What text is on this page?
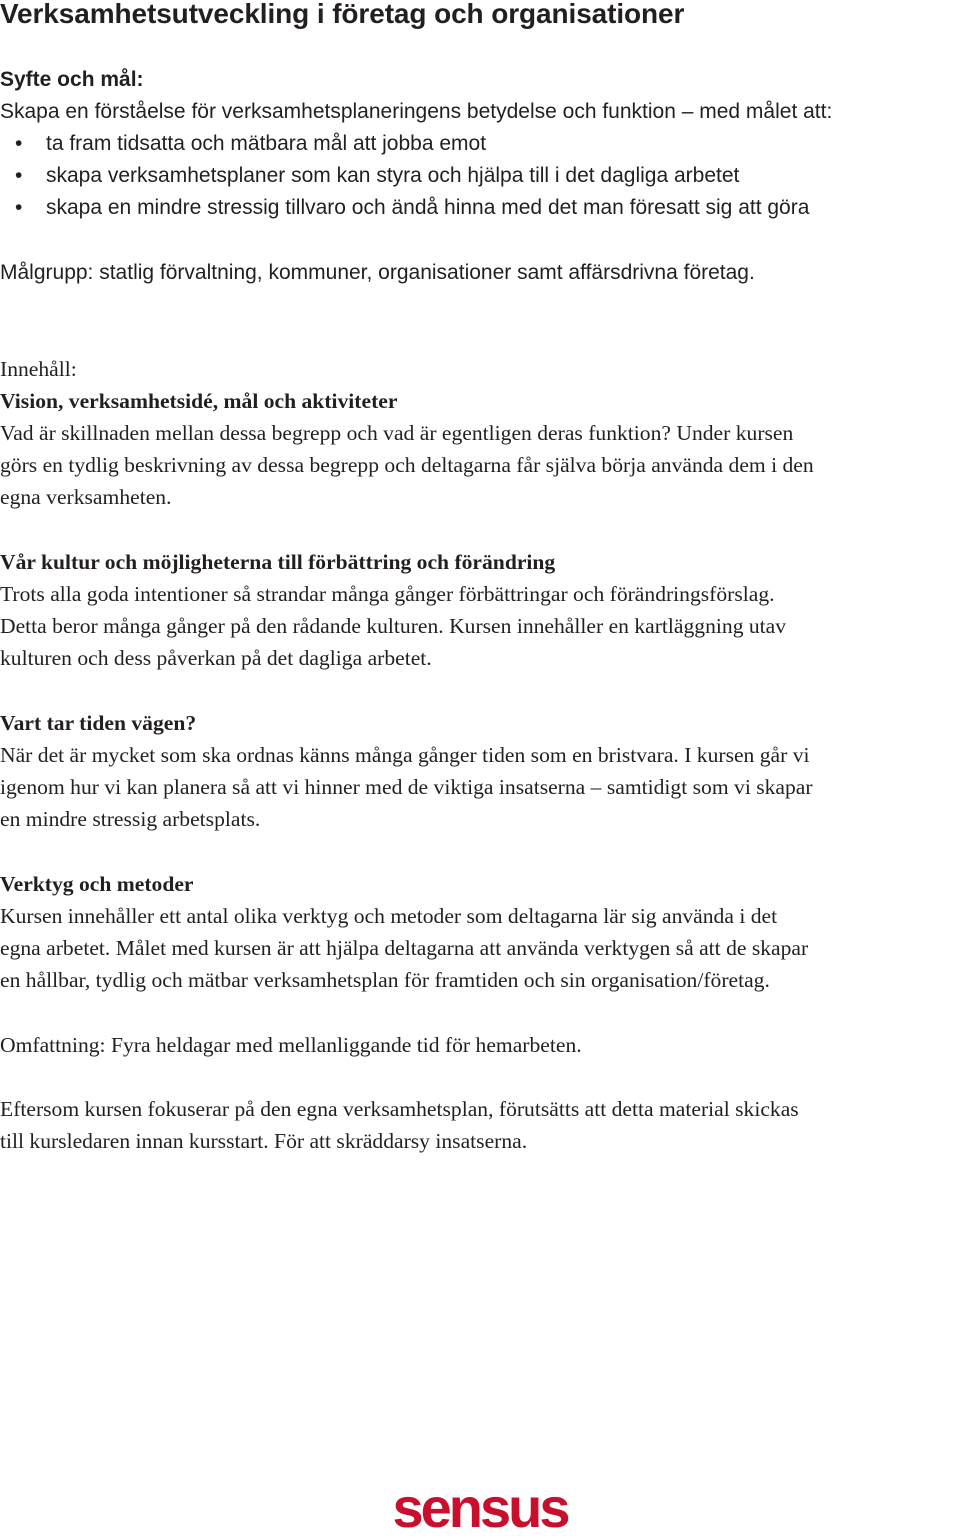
Verksamhetsutveckling i företag och organisationer
Syfte och mål:
Skapa en förståelse för verksamhetsplaneringens betydelse och funktion – med målet att:
• ta fram tidsatta och mätbara mål att jobba emot
• skapa verksamhetsplaner som kan styra och hjälpa till i det dagliga arbetet
• skapa en mindre stressig tillvaro och ändå hinna med det man föresatt sig att göra
Målgrupp: statlig förvaltning, kommuner, organisationer samt affärsdrivna företag.
Innehåll:
Vision, verksamhetsidé, mål och aktiviteter
Vad är skillnaden mellan dessa begrepp och vad är egentligen deras funktion? Under kursen
görs en tydlig beskrivning av dessa begrepp och deltagarna får själva börja använda dem i den
egna verksamheten.
Vår kultur och möjligheterna till förbättring och förändring
Trots alla goda intentioner så strandar många gånger förbättringar och förändringsförslag.
Detta beror många gånger på den rådande kulturen. Kursen innehåller en kartläggning utav
kulturen och dess påverkan på det dagliga arbetet.
Vart tar tiden vägen?
När det är mycket som ska ordnas känns många gånger tiden som en bristvara. I kursen går vi
igenom hur vi kan planera så att vi hinner med de viktiga insatserna – samtidigt som vi skapar
en mindre stressig arbetsplats.
Verktyg och metoder
Kursen innehåller ett antal olika verktyg och metoder som deltagarna lär sig använda i det
egna arbetet. Målet med kursen är att hjälpa deltagarna att använda verktygen så att de skapar
en hållbar, tydlig och mätbar verksamhetsplan för framtiden och sin organisation/företag.
Omfattning: Fyra heldagar med mellanliggande tid för hemarbeten.
Eftersom kursen fokuserar på den egna verksamhetsplan, förutsätts att detta material skickas
till kursledaren innan kursstart. För att skräddarsy insatserna.
sensus
